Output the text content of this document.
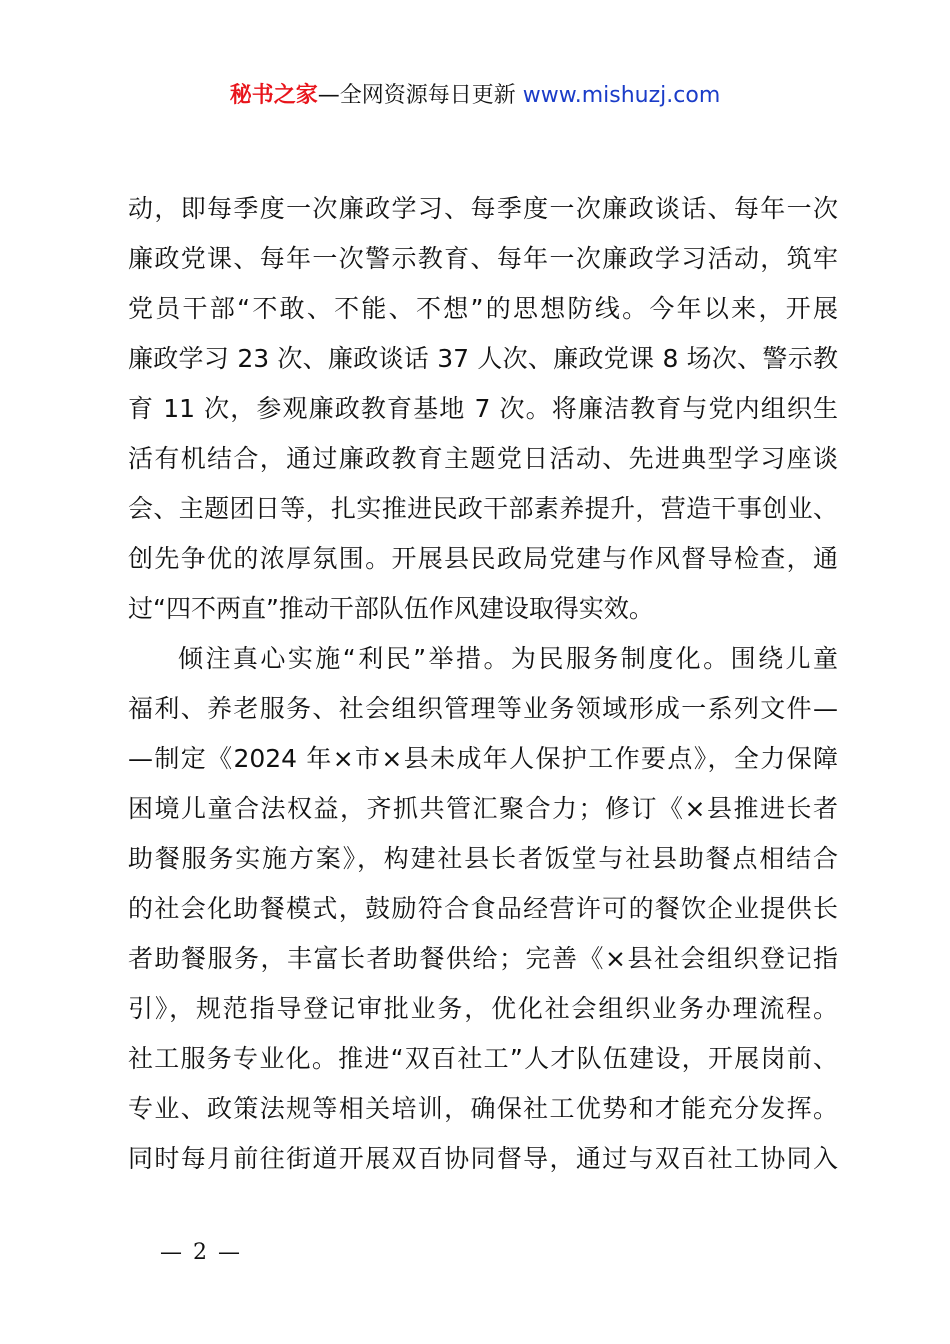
秘书之家—全网资源每日更新 www.mishuzj.com
动，即每季度一次廉政学习、每季度一次廉政谈话、每年一次
廉政党课、每年一次警示教育、每年一次廉政学习活动，筑牢
党员干部“不敢、不能、不想”的思想防线。今年以来，开展
廉政学习 23 次、廉政谈话 37 人次、廉政党课 8 场次、警示教
育 11 次，参观廉政教育基地 7 次。将廉洁教育与党内组织生
活有机结合，通过廉政教育主题党日活动、先进典型学习座谈
会、主题团日等，扎实推进民政干部素养提升，营造干事创业、
创先争优的浓厚氛围。开展县民政局党建与作风督导检查，通
过“四不两直”推动干部队伍作风建设取得实效。
倾注真心实施“利民”举措。为民服务制度化。围绕儿童
福利、养老服务、社会组织管理等业务领域形成一系列文件—
—制定《2024 年×市×县未成年人保护工作要点》，全力保障
困境儿童合法权益，齐抓共管汇聚合力；修订《×县推进长者
助餐服务实施方案》，构建社县长者饭堂与社县助餐点相结合
的社会化助餐模式，鼓励符合食品经营许可的餐饮企业提供长
者助餐服务，丰富长者助餐供给；完善《×县社会组织登记指
引》，规范指导登记审批业务，优化社会组织业务办理流程。
社工服务专业化。推进“双百社工”人才队伍建设，开展岗前、
专业、政策法规等相关培训，确保社工优势和才能充分发挥。
同时每月前往街道开展双百协同督导，通过与双百社工协同入
— 2 —
